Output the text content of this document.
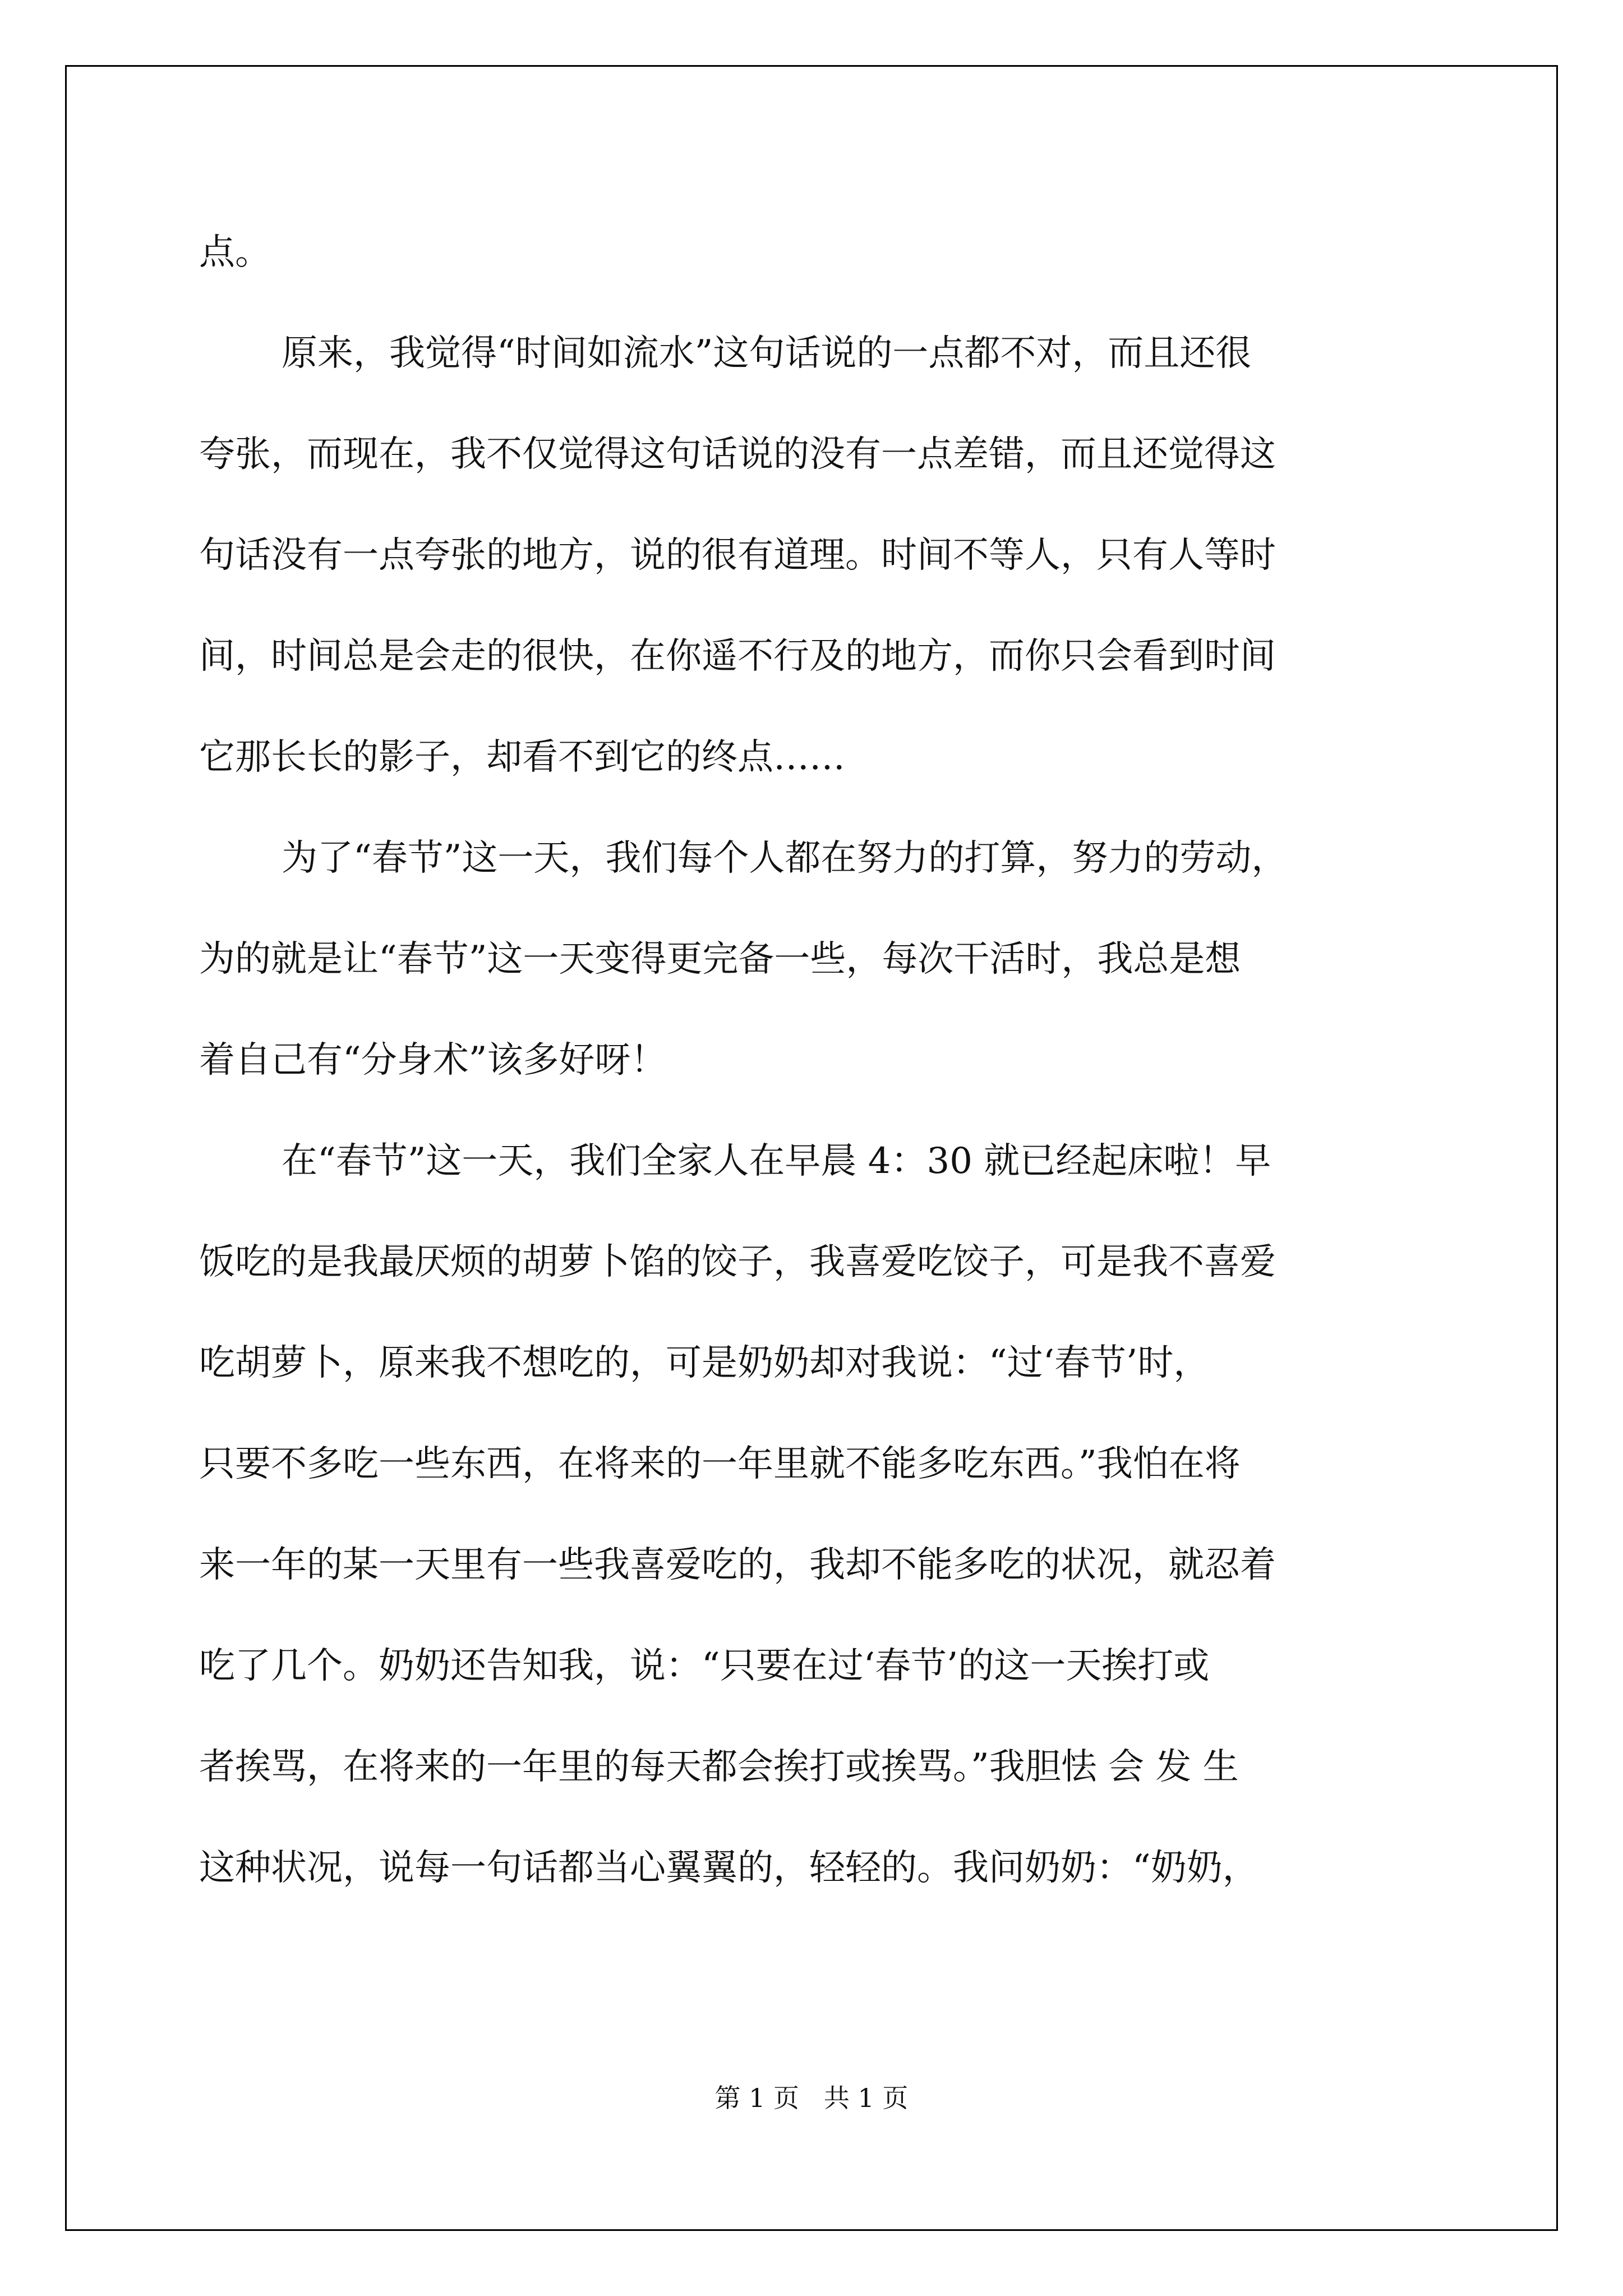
点。
原来，我觉得“时间如流水”这句话说的一点都不对，而且还很
夸张，而现在，我不仅觉得这句话说的没有一点差错，而且还觉得这
句话没有一点夸张的地方，说的很有道理。时间不等人，只有人等时
间，时间总是会走的很快，在你遥不行及的地方，而你只会看到时间
它那长长的影子，却看不到它的终点……
为了“春节”这一天，我们每个人都在努力的打算，努力的劳动，
为的就是让“春节”这一天变得更完备一些，每次干活时，我总是想
着自己有“分身术”该多好呀！
在“春节”这一天，我们全家人在早晨 4：30 就已经起床啦！早
饭吃的是我最厌烦的胡萝卜馅的饺子，我喜爱吃饺子，可是我不喜爱
吃胡萝卜，原来我不想吃的，可是奶奶却对我说：“过‘春节’时，
只要不多吃一些东西，在将来的一年里就不能多吃东西。”我怕在将
来一年的某一天里有一些我喜爱吃的，我却不能多吃的状况，就忍着
吃了几个。奶奶还告知我，说：“只要在过‘春节’的这一天挨打或
者挨骂，在将来的一年里的每天都会挨打或挨骂。”我胆怯 会 发 生
这种状况，说每一句话都当心翼翼的，轻轻的。我问奶奶：“奶奶，
第 1 页   共 1 页
